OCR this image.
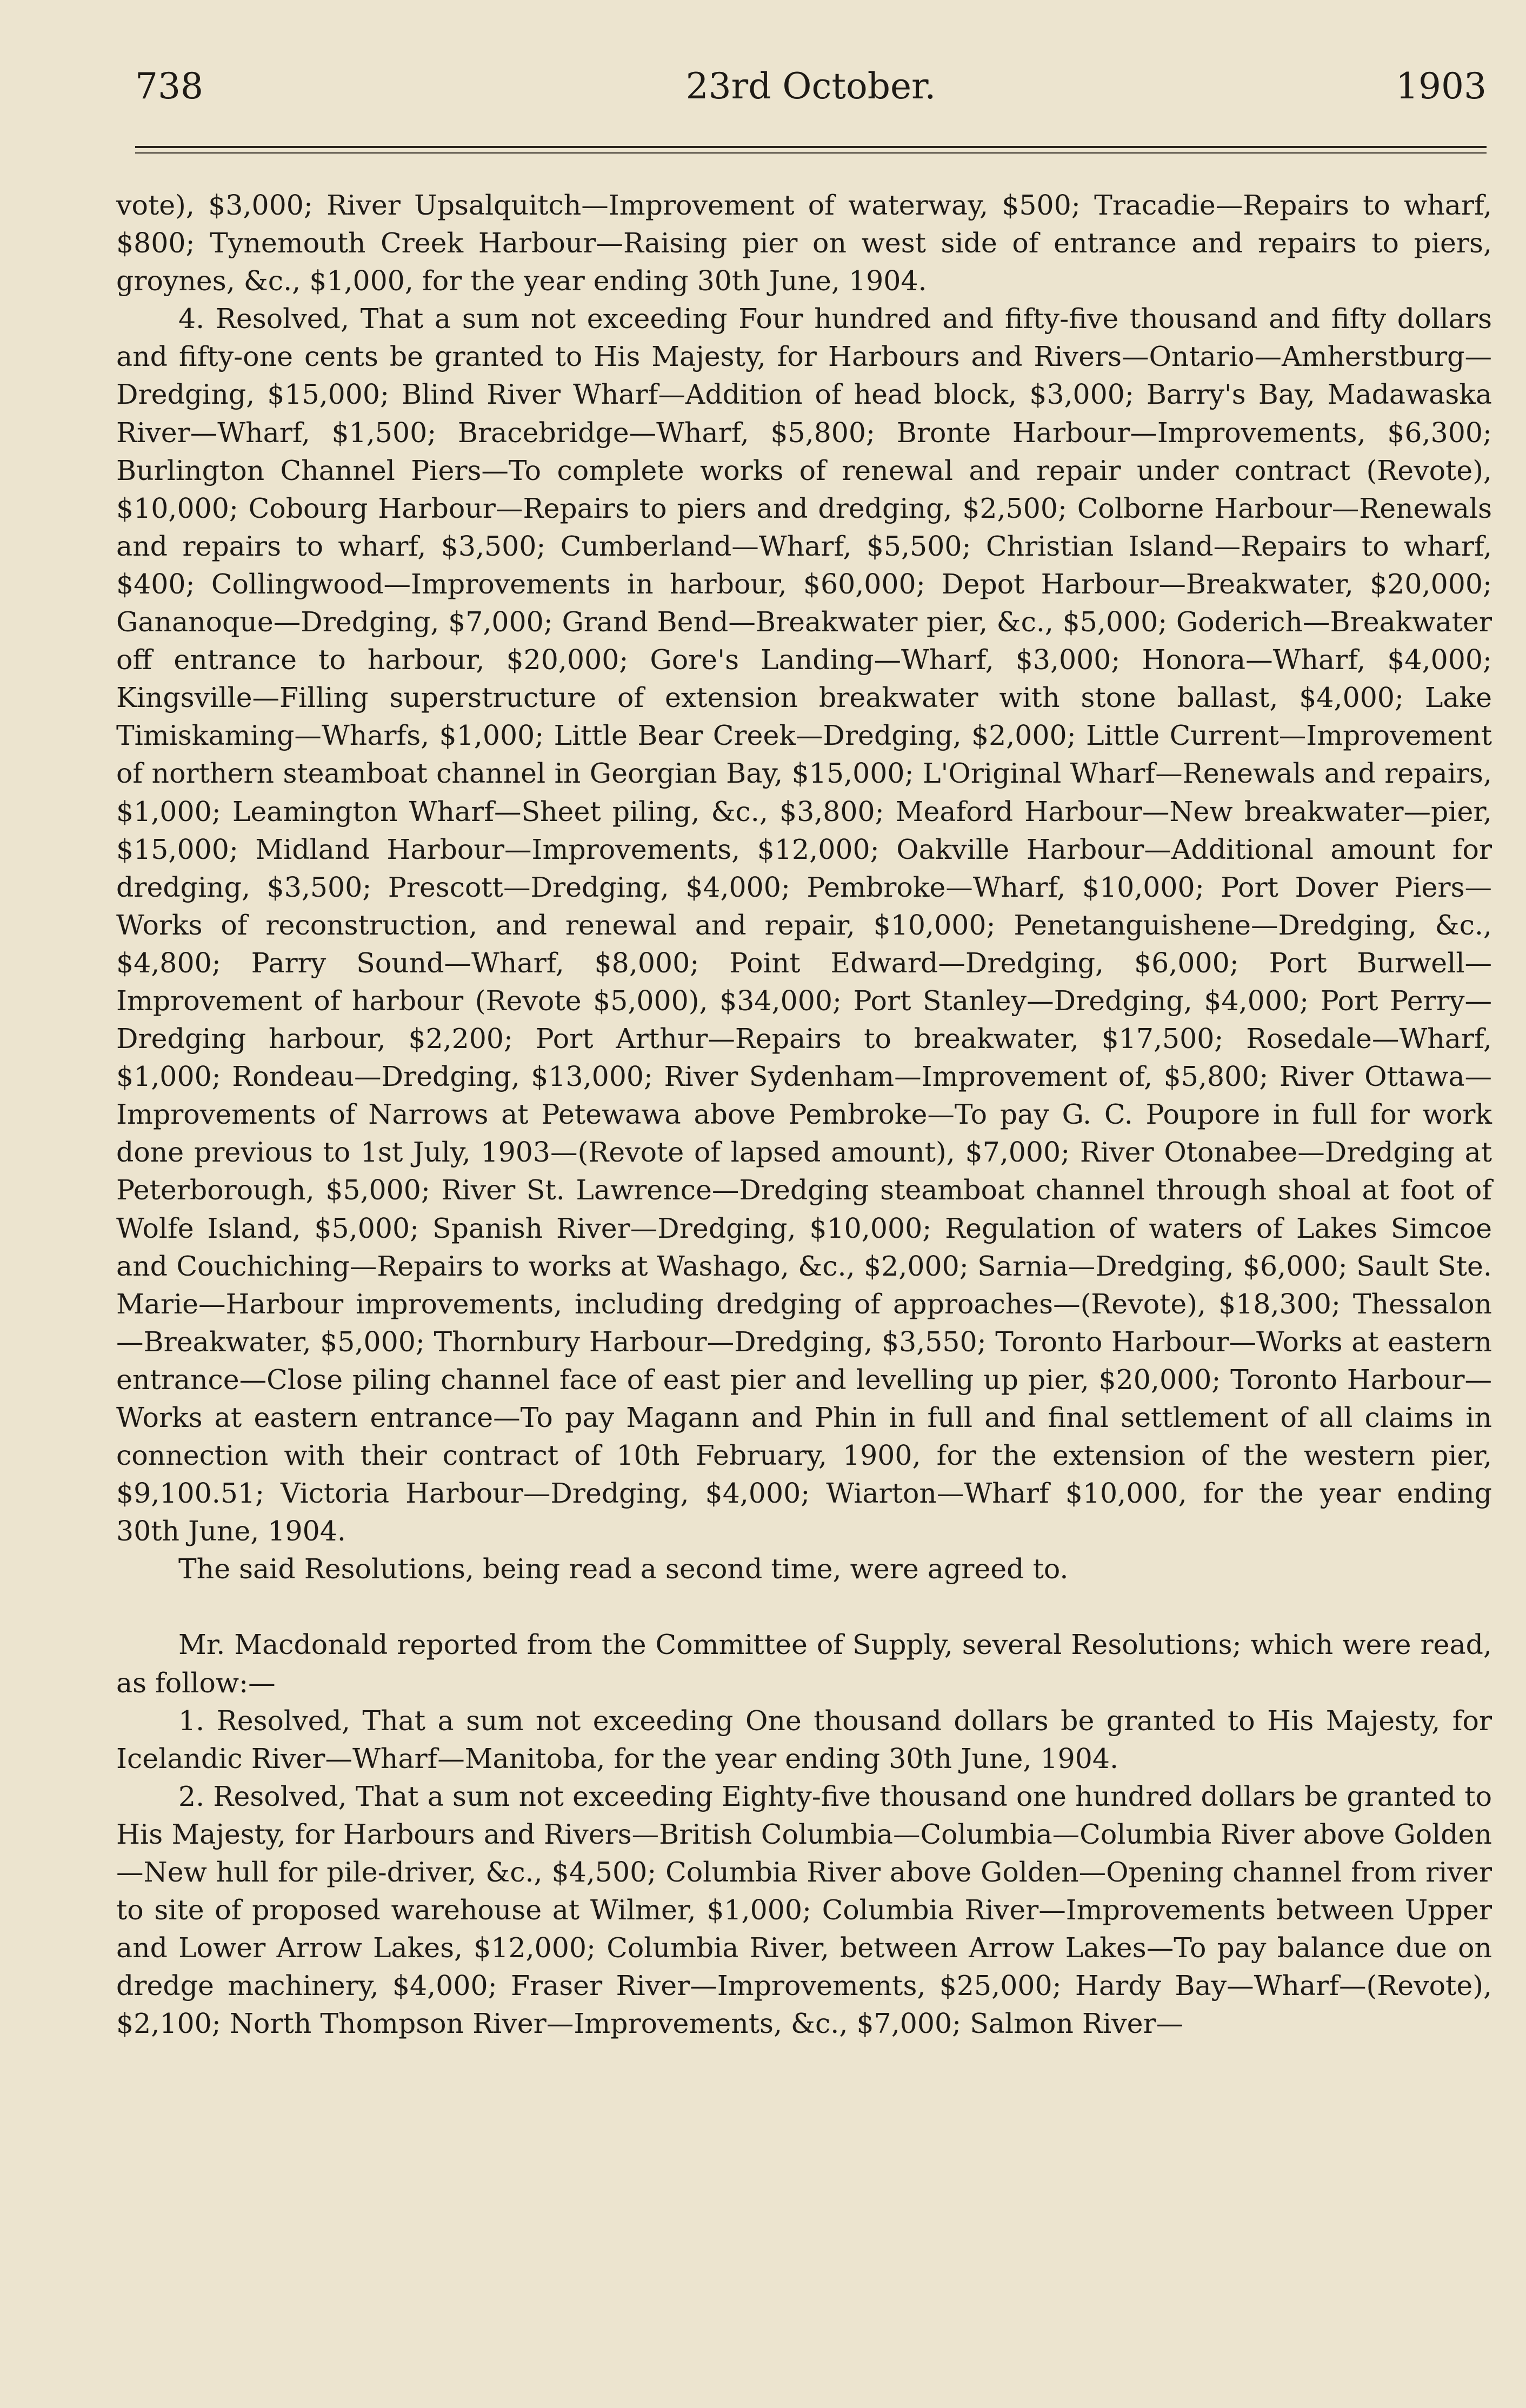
738	23rd October.	1903

vote), $3,000; River Upsalquitch—Improvement of waterway, $500; Tracadie—Repairs to wharf, $800; Tynemouth Creek Harbour—Raising pier on west side of entrance and repairs to piers, groynes, &c., $1,000, for the year ending 30th June, 1904.

4. Resolved, That a sum not exceeding Four hundred and fifty-five thousand and fifty dollars and fifty-one cents be granted to His Majesty, for Harbours and Rivers—Ontario—Amherstburg—Dredging, $15,000; Blind River Wharf—Addition of head block, $3,000; Barry's Bay, Madawaska River—Wharf, $1,500; Bracebridge—Wharf, $5,800; Bronte Harbour—Improvements, $6,300; Burlington Channel Piers—To complete works of renewal and repair under contract (Revote), $10,000; Cobourg Harbour—Repairs to piers and dredging, $2,500; Colborne Harbour—Renewals and repairs to wharf, $3,500; Cumberland—Wharf, $5,500; Christian Island—Repairs to wharf, $400; Collingwood—Improvements in harbour, $60,000; Depot Harbour—Breakwater, $20,000; Gananoque—Dredging, $7,000; Grand Bend—Breakwater pier, &c., $5,000; Goderich—Breakwater off entrance to harbour, $20,000; Gore's Landing—Wharf, $3,000; Honora—Wharf, $4,000; Kingsville—Filling superstructure of extension breakwater with stone ballast, $4,000; Lake Timiskaming—Wharfs, $1,000; Little Bear Creek—Dredging, $2,000; Little Current—Improvement of northern steamboat channel in Georgian Bay, $15,000; L'Original Wharf—Renewals and repairs, $1,000; Leamington Wharf—Sheet piling, &c., $3,800; Meaford Harbour—New breakwater—pier, $15,000; Midland Harbour—Improvements, $12,000; Oakville Harbour—Additional amount for dredging, $3,500; Prescott—Dredging, $4,000; Pembroke—Wharf, $10,000; Port Dover Piers—Works of reconstruction, and renewal and repair, $10,000; Penetanguishene—Dredging, &c., $4,800; Parry Sound—Wharf, $8,000; Point Edward—Dredging, $6,000; Port Burwell—Improvement of harbour (Revote $5,000), $34,000; Port Stanley—Dredging, $4,000; Port Perry—Dredging harbour, $2,200; Port Arthur—Repairs to breakwater, $17,500; Rosedale—Wharf, $1,000; Rondeau—Dredging, $13,000; River Sydenham—Improvement of, $5,800; River Ottawa—Improvements of Narrows at Petewawa above Pembroke—To pay G. C. Poupore in full for work done previous to 1st July, 1903—(Revote of lapsed amount), $7,000; River Otonabee—Dredging at Peterborough, $5,000; River St. Lawrence—Dredging steamboat channel through shoal at foot of Wolfe Island, $5,000; Spanish River—Dredging, $10,000; Regulation of waters of Lakes Simcoe and Couchiching—Repairs to works at Washago, &c., $2,000; Sarnia—Dredging, $6,000; Sault Ste. Marie—Harbour improvements, including dredging of approaches—(Revote), $18,300; Thessalon—Breakwater, $5,000; Thornbury Harbour—Dredging, $3,550; Toronto Harbour—Works at eastern entrance—Close piling channel face of east pier and levelling up pier, $20,000; Toronto Harbour—Works at eastern entrance—To pay Magann and Phin in full and final settlement of all claims in connection with their contract of 10th February, 1900, for the extension of the western pier, $9,100.51; Victoria Harbour—Dredging, $4,000; Wiarton—Wharf $10,000, for the year ending 30th June, 1904.

The said Resolutions, being read a second time, were agreed to.

Mr. Macdonald reported from the Committee of Supply, several Resolutions; which were read, as follow:—

1. Resolved, That a sum not exceeding One thousand dollars be granted to His Majesty, for Icelandic River—Wharf—Manitoba, for the year ending 30th June, 1904.

2. Resolved, That a sum not exceeding Eighty-five thousand one hundred dollars be granted to His Majesty, for Harbours and Rivers—British Columbia—Columbia—Columbia River above Golden—New hull for pile-driver, &c., $4,500; Columbia River above Golden—Opening channel from river to site of proposed warehouse at Wilmer, $1,000; Columbia River—Improvements between Upper and Lower Arrow Lakes, $12,000; Columbia River, between Arrow Lakes—To pay balance due on dredge machinery, $4,000; Fraser River—Improvements, $25,000; Hardy Bay—Wharf—(Revote), $2,100; North Thompson River—Improvements, &c., $7,000; Salmon River—
